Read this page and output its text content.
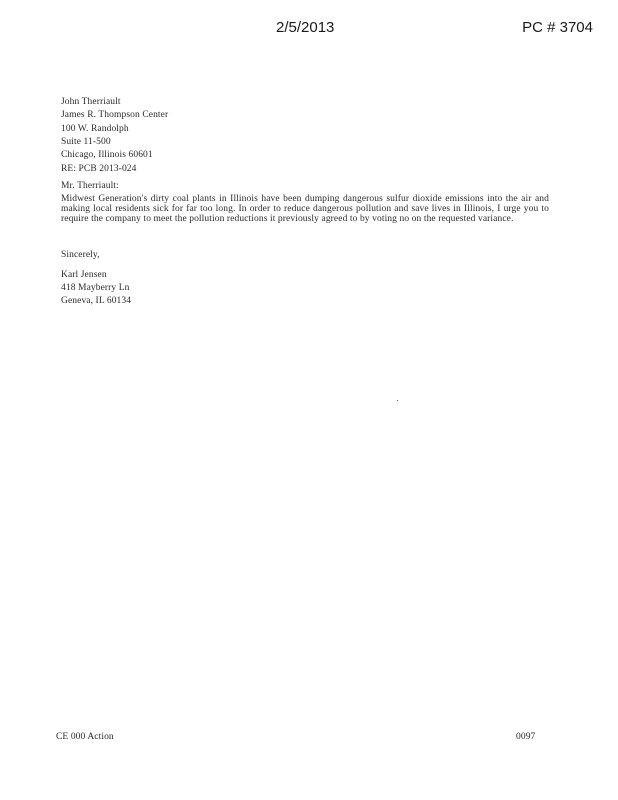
2/5/2013	PC # 3704
John Therriault
James R. Thompson Center
100 W. Randolph
Suite 11-500
Chicago, Illinois 60601
RE: PCB 2013-024
Mr. Therriault:
Midwest Generation's dirty coal plants in Illinois have been dumping dangerous sulfur dioxide emissions into the air and making local residents sick for far too long. In order to reduce dangerous pollution and save lives in Illinois, I urge you to require the company to meet the pollution reductions it previously agreed to by voting no on the requested variance.
Sincerely,
Karl Jensen
418 Mayberry Ln
Geneva, IL 60134
CE 000 Action	0097
